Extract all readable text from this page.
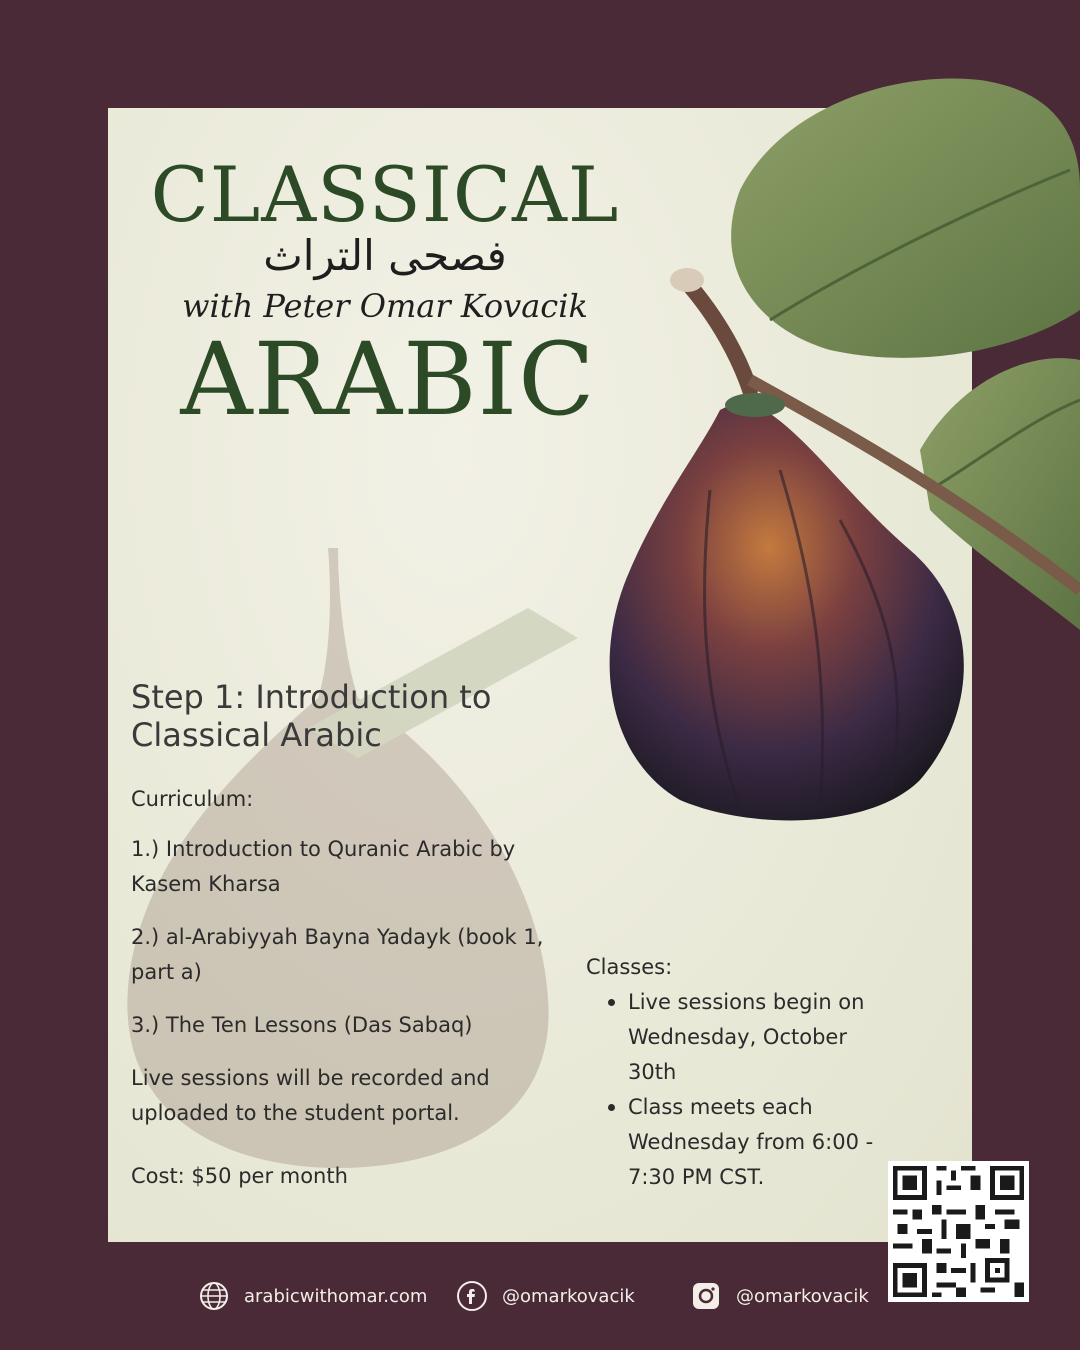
CLASSICAL
فصحى التراث
with Peter Omar Kovacik
ARABIC
Step 1: Introduction to
Classical Arabic
Curriculum:
1.) Introduction to Quranic Arabic by Kasem Kharsa
2.) al-Arabiyyah Bayna Yadayk (book 1, part a)
3.) The Ten Lessons (Das Sabaq)
Live sessions will be recorded and uploaded to the student portal.
Cost: $50 per month
Classes:
Live sessions begin on Wednesday, October 30th
Class meets each Wednesday from 6:00 - 7:30 PM CST.
arabicwithomar.com	@omarkovacik	@omarkovacik
